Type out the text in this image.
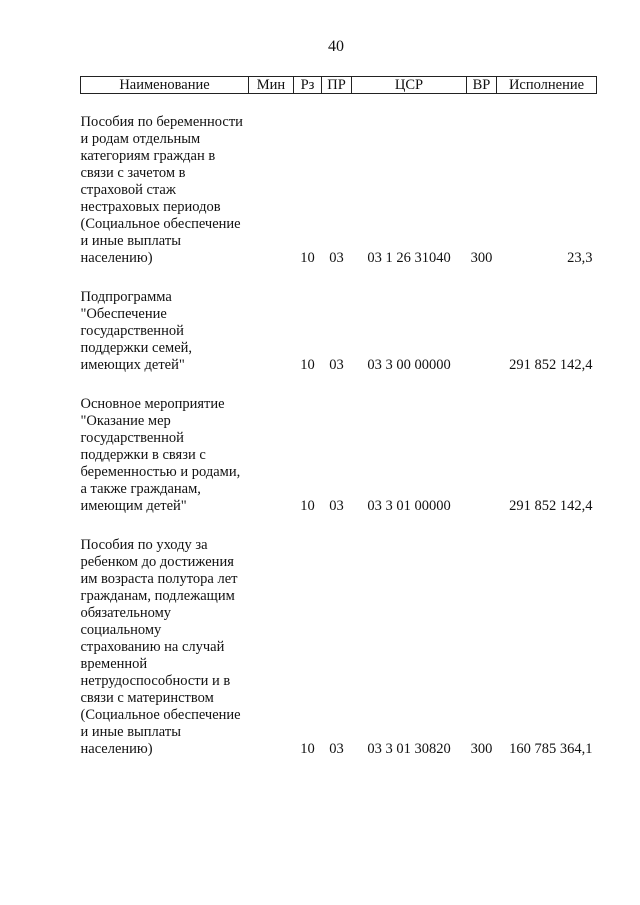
40
Наименование	Мин	Рз	ПР	ЦСР	ВР	Исполнение

Пособия по беременности и родам отдельным категориям граждан в связи с зачетом в страховой стаж нестраховых периодов (Социальное обеспечение и иные выплаты населению)		10	03	03 1 26 31040	300	23,3

Подпрограмма "Обеспечение государственной поддержки семей, имеющих детей"		10	03	03 3 00 00000		291 852 142,4

Основное мероприятие "Оказание мер государственной поддержки в связи с беременностью и родами, а также гражданам, имеющим детей"		10	03	03 3 01 00000		291 852 142,4

Пособия по уходу за ребенком до достижения им возраста полутора лет гражданам, подлежащим обязательному социальному страхованию на случай временной нетрудоспособности и в связи с материнством (Социальное обеспечение и иные выплаты населению)		10	03	03 3 01 30820	300	160 785 364,1
